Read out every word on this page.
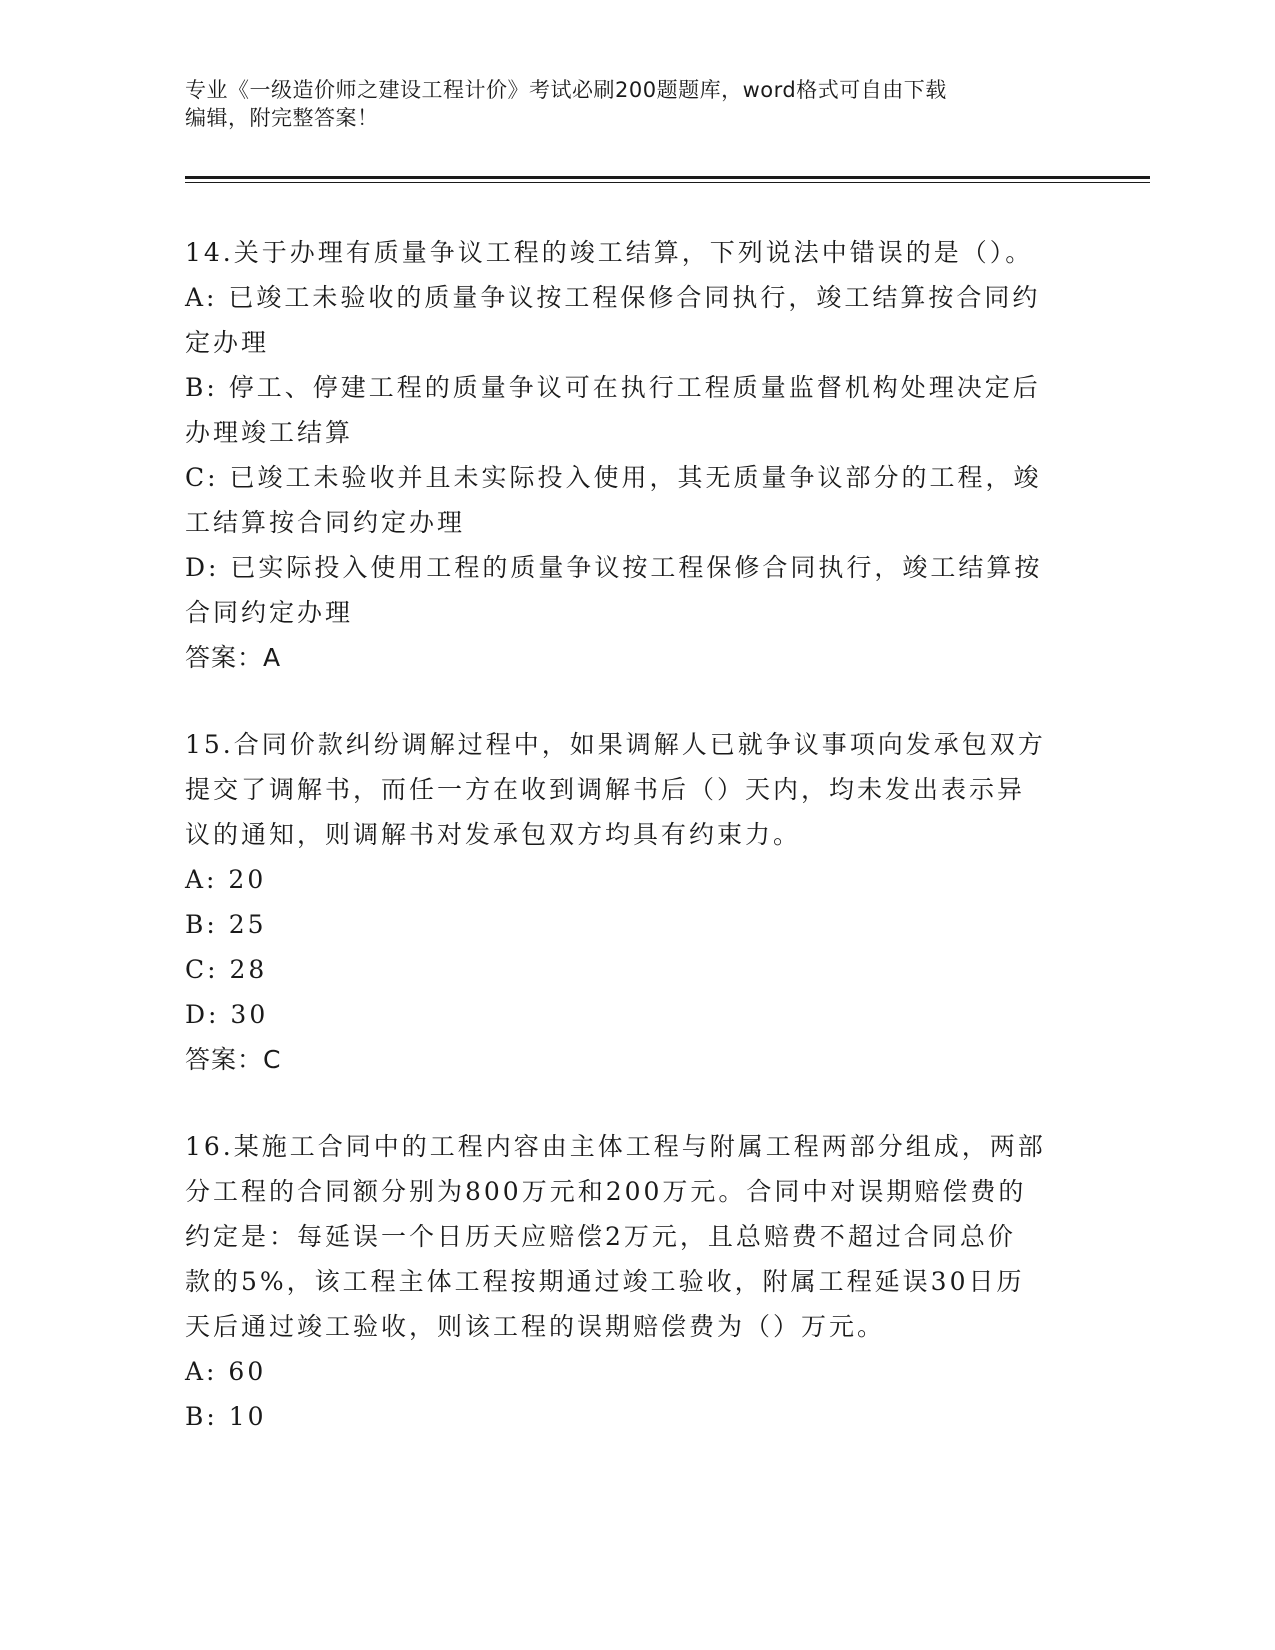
专业《一级造价师之建设工程计价》考试必刷200题题库，word格式可自由下载
编辑，附完整答案！
14.关于办理有质量争议工程的竣工结算，下列说法中错误的是（）。
A: 已竣工未验收的质量争议按工程保修合同执行，竣工结算按合同约
定办理
B: 停工、停建工程的质量争议可在执行工程质量监督机构处理决定后
办理竣工结算
C: 已竣工未验收并且未实际投入使用，其无质量争议部分的工程，竣
工结算按合同约定办理
D: 已实际投入使用工程的质量争议按工程保修合同执行，竣工结算按
合同约定办理
答案：A
15.合同价款纠纷调解过程中，如果调解人已就争议事项向发承包双方
提交了调解书，而任一方在收到调解书后（）天内，均未发出表示异
议的通知，则调解书对发承包双方均具有约束力。
A: 20
B: 25
C: 28
D: 30
答案：C
16.某施工合同中的工程内容由主体工程与附属工程两部分组成，两部
分工程的合同额分别为800万元和200万元。合同中对误期赔偿费的
约定是：每延误一个日历天应赔偿2万元，且总赔费不超过合同总价
款的5%，该工程主体工程按期通过竣工验收，附属工程延误30日历
天后通过竣工验收，则该工程的误期赔偿费为（）万元。
A: 60
B: 10
